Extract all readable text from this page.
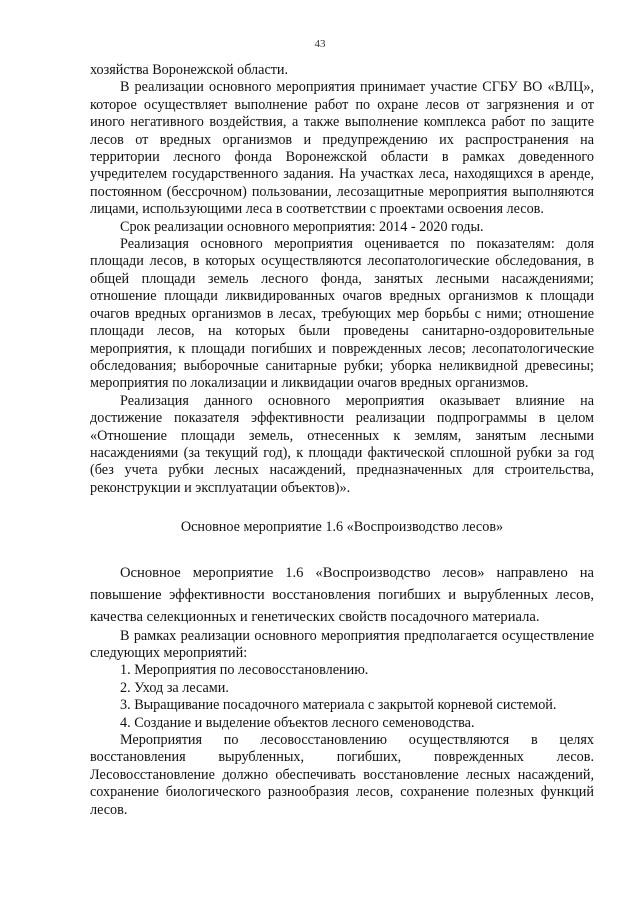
43

хозяйства Воронежской области.

В реализации основного мероприятия принимает участие СГБУ ВО «ВЛЦ», которое осуществляет выполнение работ по охране лесов от загрязнения и от иного негативного воздействия, а также выполнение комплекса работ по защите лесов от вредных организмов и предупреждению их распространения на территории лесного фонда Воронежской области в рамках доведенного учредителем государственного задания. На участках леса, находящихся в аренде, постоянном (бессрочном) пользовании, лесозащитные мероприятия выполняются лицами, использующими леса в соответствии с проектами освоения лесов.

Срок реализации основного мероприятия: 2014 - 2020 годы.

Реализация основного мероприятия оценивается по показателям: доля площади лесов, в которых осуществляются лесопатологические обследования, в общей площади земель лесного фонда, занятых лесными насаждениями; отношение площади ликвидированных очагов вредных организмов к площади очагов вредных организмов в лесах, требующих мер борьбы с ними; отношение площади лесов, на которых были проведены санитарно-оздоровительные мероприятия, к площади погибших и поврежденных лесов; лесопатологические обследования; выборочные санитарные рубки; уборка неликвидной древесины; мероприятия по локализации и ликвидации очагов вредных организмов.

Реализация данного основного мероприятия оказывает влияние на достижение показателя эффективности реализации подпрограммы в целом «Отношение площади земель, отнесенных к землям, занятым лесными насаждениями (за текущий год), к площади фактической сплошной рубки за год (без учета рубки лесных насаждений, предназначенных для строительства, реконструкции и эксплуатации объектов)».

Основное мероприятие 1.6 «Воспроизводство лесов»

Основное мероприятие 1.6 «Воспроизводство лесов» направлено на повышение эффективности восстановления погибших и вырубленных лесов, качества селекционных и генетических свойств посадочного материала.

В рамках реализации основного мероприятия предполагается осуществление следующих мероприятий:

1. Мероприятия по лесовосстановлению.

2. Уход за лесами.

3. Выращивание посадочного материала с закрытой корневой системой.

4. Создание и выделение объектов лесного семеноводства.

Мероприятия по лесовосстановлению осуществляются в целях восстановления вырубленных, погибших, поврежденных лесов. Лесовосстановление должно обеспечивать восстановление лесных насаждений, сохранение биологического разнообразия лесов, сохранение полезных функций лесов.
